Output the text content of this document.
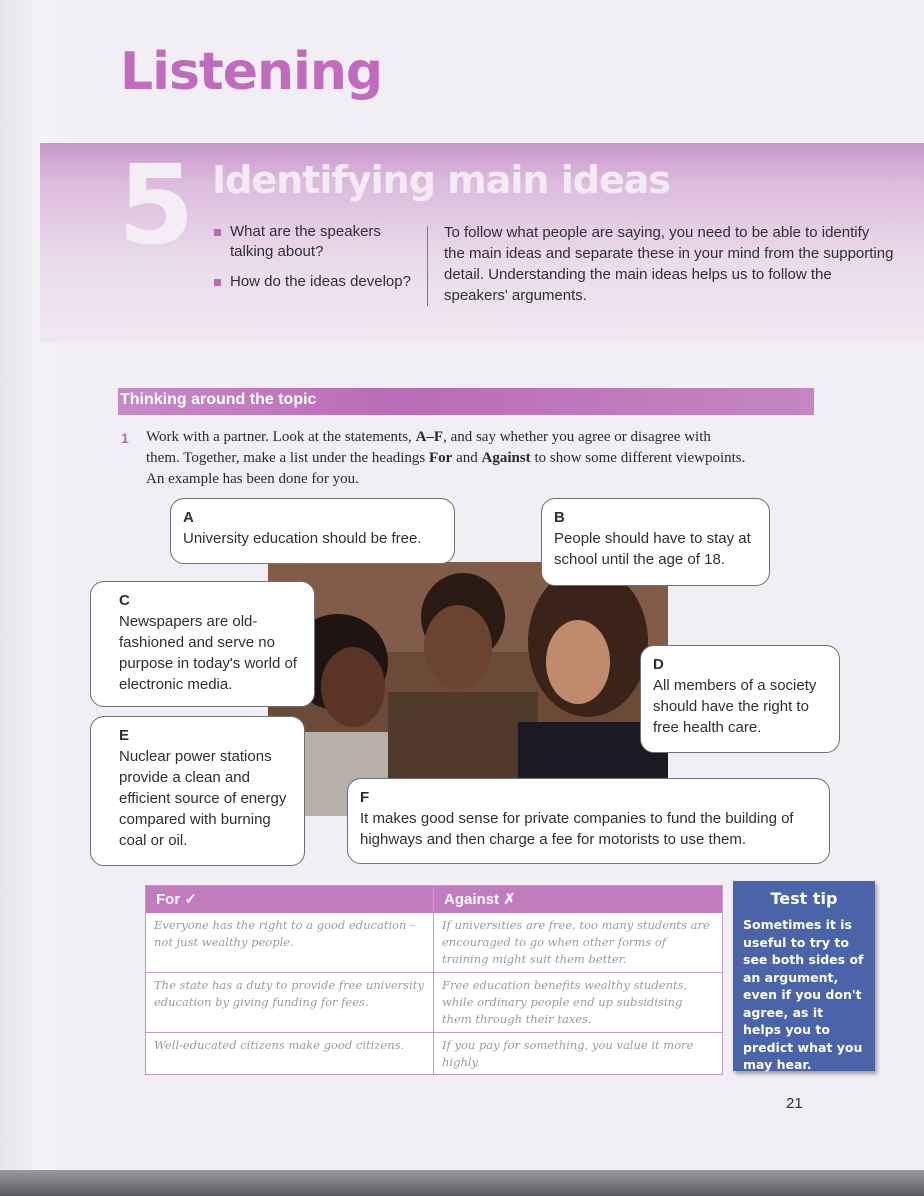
Listening
5 Identifying main ideas
What are the speakers talking about?
How do the ideas develop?

To follow what people are saying, you need to be able to identify the main ideas and separate these in your mind from the supporting detail. Understanding the main ideas helps us to follow the speakers' arguments.

Thinking around the topic
1 Work with a partner. Look at the statements, A–F, and say whether you agree or disagree with them. Together, make a list under the headings For and Against to show some different viewpoints. An example has been done for you.

A
University education should be free.
B
People should have to stay at school until the age of 18.
C
Newspapers are old-fashioned and serve no purpose in today's world of electronic media.
D
All members of a society should have the right to free health care.
E
Nuclear power stations provide a clean and efficient source of energy compared with burning coal or oil.
F
It makes good sense for private companies to fund the building of highways and then charge a fee for motorists to use them.
For ✓	Against ✗
Everyone has the right to a good education – not just wealthy people.
If universities are free, too many students are encouraged to go when other forms of training might suit them better.
The state has a duty to provide free university education by giving funding for fees.
Free education benefits wealthy students, while ordinary people end up subsidising them through their taxes.
Well-educated citizens make good citizens.	If you pay for something, you value it more highly.
Test tip

Sometimes it is useful to try to see both sides of an argument, even if you don't agree, as it helps you to predict what you may hear.

21
